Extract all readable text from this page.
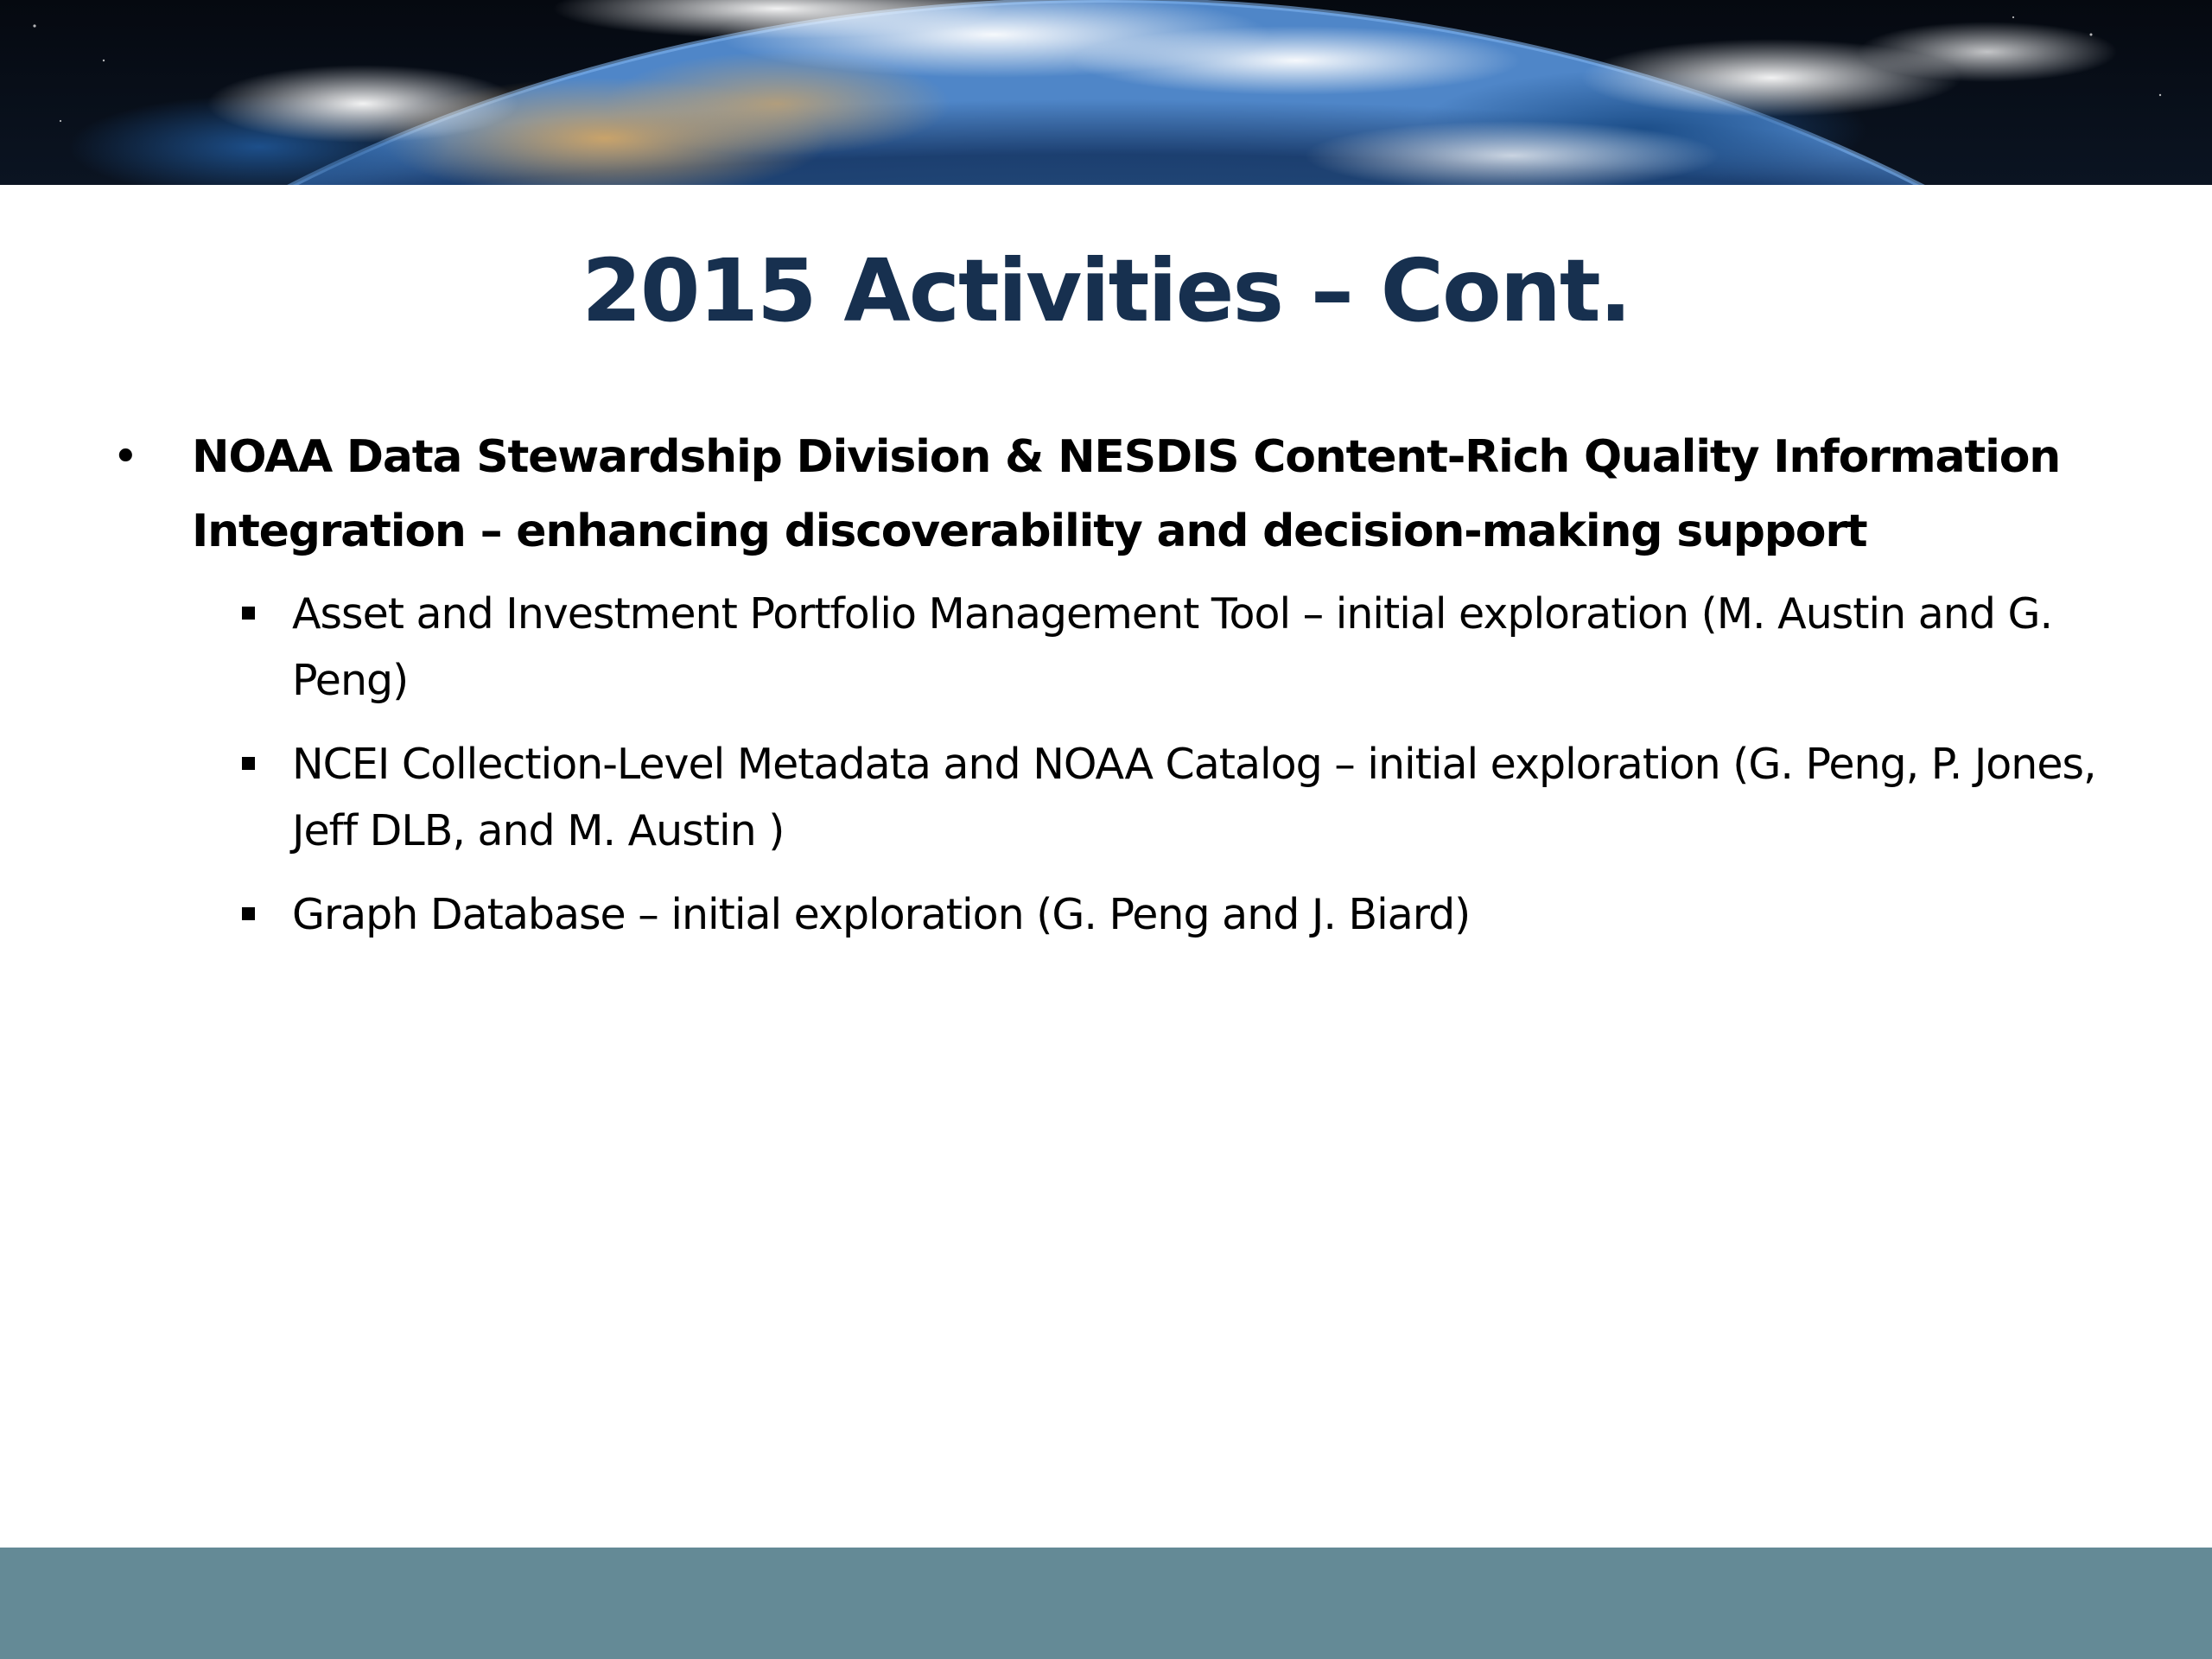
2015 Activities – Cont.
• NOAA Data Stewardship Division & NESDIS Content-Rich Quality Information Integration – enhancing discoverability and decision-making support
Asset and Investment Portfolio Management Tool – initial exploration (M. Austin and G. Peng)
NCEI Collection-Level Metadata and NOAA Catalog – initial exploration (G. Peng, P. Jones, Jeff DLB, and M. Austin )
Graph Database – initial exploration (G. Peng and J. Biard)
